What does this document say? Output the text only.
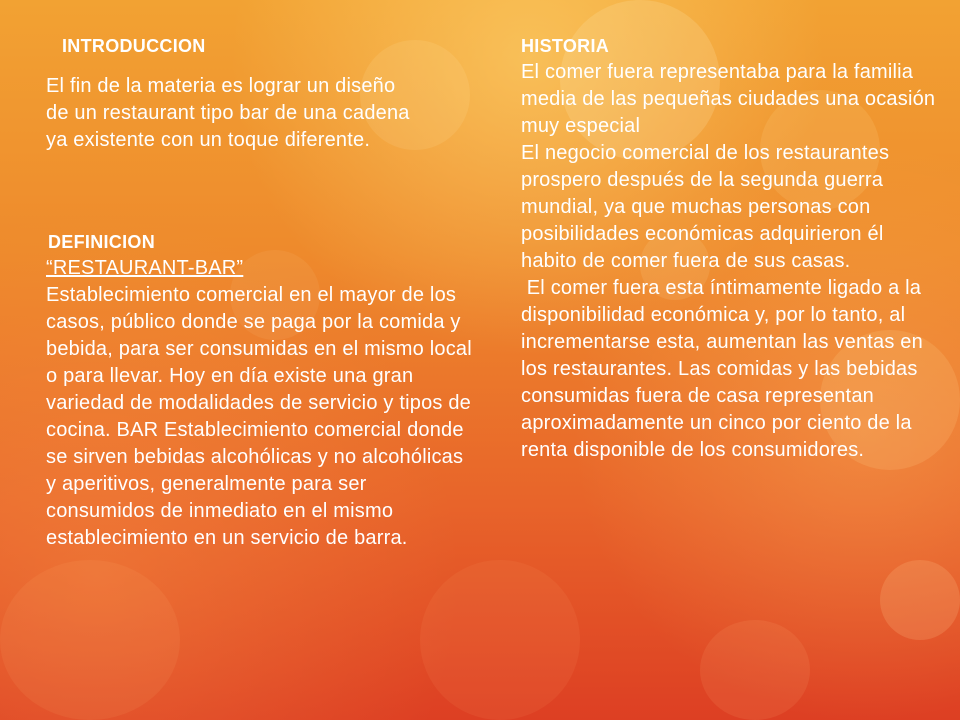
INTRODUCCION
El fin de la materia es lograr un diseño de un restaurant tipo bar de una cadena ya existente con un toque diferente.
DEFINICION
“RESTAURANT-BAR”
Establecimiento comercial en el mayor de los casos, público donde se paga por la comida y bebida, para ser consumidas en el mismo local o para llevar. Hoy en día existe una gran variedad de modalidades de servicio y tipos de cocina. BAR Establecimiento comercial donde se sirven bebidas alcohólicas y no alcohólicas y aperitivos, generalmente para ser consumidos de inmediato en el mismo establecimiento en un servicio de barra.
HISTORIA
El comer fuera representaba para la familia media de las pequeñas ciudades una ocasión muy especial
El negocio comercial de los restaurantes prospero después de la segunda guerra mundial, ya que muchas personas con posibilidades económicas adquirieron él habito de comer fuera de sus casas.
El comer fuera esta íntimamente ligado a la disponibilidad económica y, por lo tanto, al incrementarse esta, aumentan las ventas en los restaurantes. Las comidas y las bebidas consumidas fuera de casa representan aproximadamente un cinco por ciento de la renta disponible de los consumidores.
